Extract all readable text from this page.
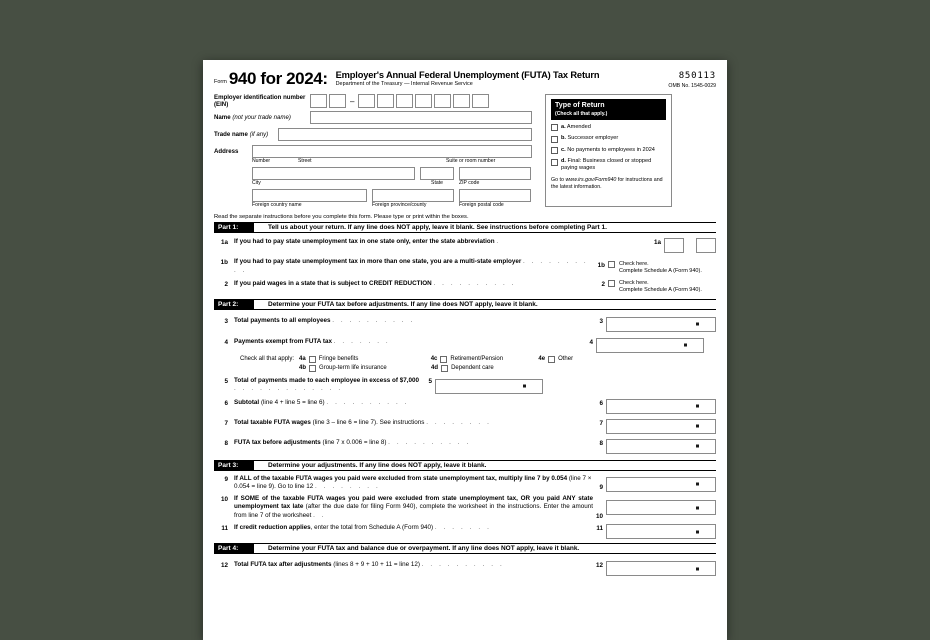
Form 940 for 2024: Employer's Annual Federal Unemployment (FUTA) Tax Return
Department of the Treasury — Internal Revenue Service
850113
OMB No. 1545-0029
Employer identification number (EIN)	–
Name (not your trade name)
Trade name (if any)
Address
Number	Street	Suite or room number
City	State	ZIP code
Foreign country name	Foreign province/county	Foreign postal code
Type of Return
(Check all that apply.)
a. Amended
b. Successor employer
c. No payments to employees in 2024
d. Final: Business closed or stopped paying wages
Go to www.irs.gov/Form940 for instructions and the latest information.
Read the separate instructions before you complete this form. Please type or print within the boxes.
Part 1:	Tell us about your return. If any line does NOT apply, leave it blank. See instructions before completing Part 1.
1a If you had to pay state unemployment tax in one state only, enter the state abbreviation .	1a
1b If you had to pay state unemployment tax in more than one state, you are a multi-state employer . . . . . . . . . .
1b	Check here.
Complete Schedule A (Form 940).
2 If you paid wages in a state that is subject to CREDIT REDUCTION . . . . . . . . . .	2	Check here.
Complete Schedule A (Form 940).
Part 2:	Determine your FUTA tax before adjustments. If any line does NOT apply, leave it blank.
3 Total payments to all employees . . . . . . . . . .	3
4 Payments exempt from FUTA tax . . . . . . .	4
Check all that apply: 4a Fringe benefits	4c Retirement/Pension	4e Other
4b Group-term life insurance	4d Dependent care
5 Total of payments made to each employee in excess of $7,000 . . . . . . . . . . . . .
5
6 Subtotal (line 4 + line 5 = line 6) . . . . . . . . . .	6
7 Total taxable FUTA wages (line 3 – line 6 = line 7). See instructions . . . . . . . .	7
8 FUTA tax before adjustments (line 7 x 0.006 = line 8) . . . . . . . . . .	8
Part 3:	Determine your adjustments. If any line does NOT apply, leave it blank.
9 If ALL of the taxable FUTA wages you paid were excluded from state unemployment tax, multiply line 7 by 0.054 (line 7 × 0.054 = line 9). Go to line 12 . . . . . . . .	9
10 If SOME of the taxable FUTA wages you paid were excluded from state unemployment tax, OR you paid ANY state unemployment tax late (after the due date for filing Form 940), complete the worksheet in the instructions. Enter the amount from line 7 of the worksheet . .	10
11 If credit reduction applies, enter the total from Schedule A (Form 940) . . . . . . .	11
Part 4:	Determine your FUTA tax and balance due or overpayment. If any line does NOT apply, leave it blank.
12 Total FUTA tax after adjustments (lines 8 + 9 + 10 + 11 = line 12) . . . . . . . . . .	12
